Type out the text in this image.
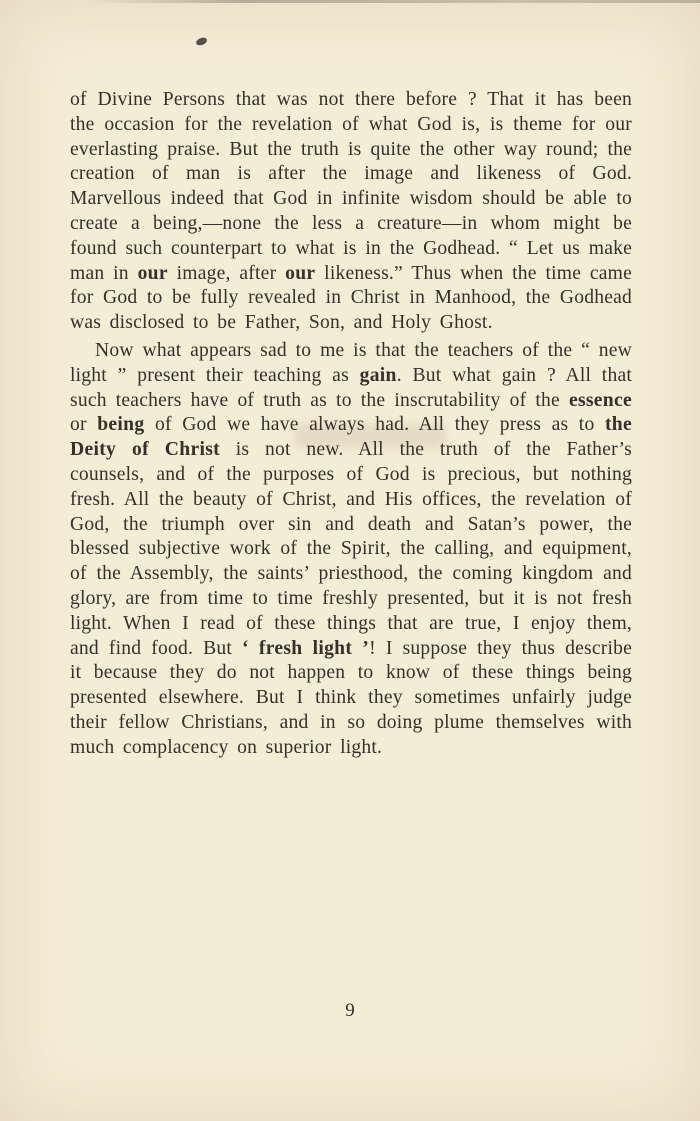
of Divine Persons that was not there before ? That it has been the occasion for the revelation of what God is, is theme for our everlasting praise. But the truth is quite the other way round; the creation of man is after the image and likeness of God. Marvellous indeed that God in infinite wisdom should be able to create a being,—none the less a creature—in whom might be found such counterpart to what is in the Godhead. “ Let us make man in our image, after our likeness.” Thus when the time came for God to be fully revealed in Christ in Manhood, the Godhead was disclosed to be Father, Son, and Holy Ghost.

Now what appears sad to me is that the teachers of the “ new light ” present their teaching as gain. But what gain ? All that such teachers have of truth as to the inscrutability of the essence or being of God we have always had. All they press as to the Deity of Christ is not new. All the truth of the Father’s counsels, and of the purposes of God is precious, but nothing fresh. All the beauty of Christ, and His offices, the revelation of God, the triumph over sin and death and Satan’s power, the blessed subjective work of the Spirit, the calling, and equipment, of the Assembly, the saints’ priesthood, the coming kingdom and glory, are from time to time freshly presented, but it is not fresh light. When I read of these things that are true, I enjoy them, and find food. But ‘ fresh light ’! I suppose they thus describe it because they do not happen to know of these things being presented elsewhere. But I think they sometimes unfairly judge their fellow Christians, and in so doing plume themselves with much complacency on superior light.

9
